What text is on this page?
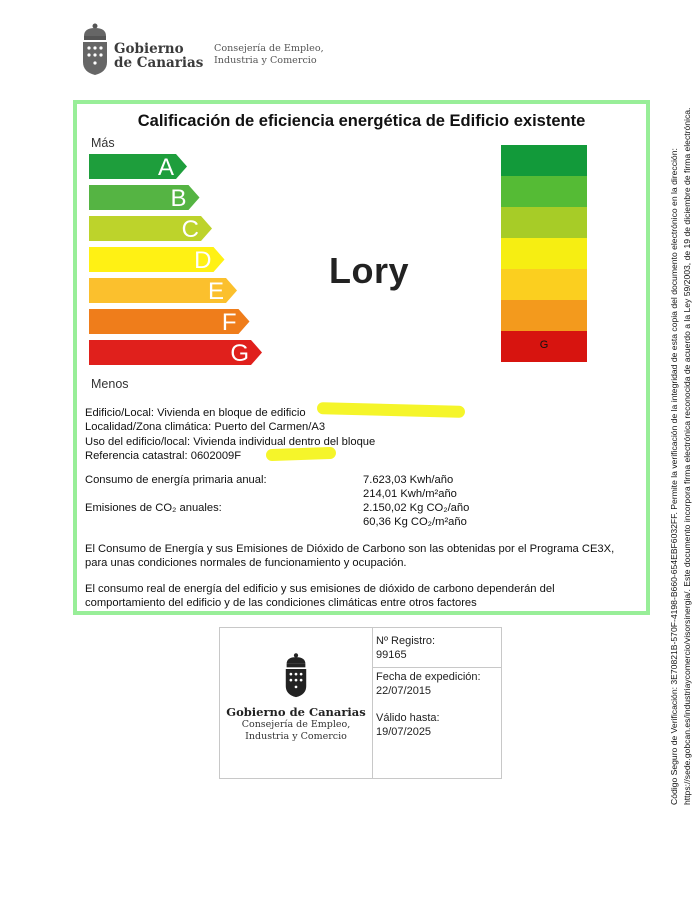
Gobierno
de Canarias
Consejería de Empleo,
Industria y Comercio
Calificación de eficiencia energética de Edificio existente
Más
A
B
C
D
E
F
G	G
Menos
Lory
Edificio/Local: Vivienda en bloque de edificio
Localidad/Zona climática: Puerto del Carmen/A3
Uso del edificio/local: Vivienda individual dentro del bloque
Referencia catastral: 0602009F
Consumo de energía primaria anual:	7.623,03 Kwh/año
214,01 Kwh/m²año
Emisiones de CO₂ anuales:	2.150,02 Kg CO₂/año
60,36 Kg CO₂/m²año
El Consumo de Energía y sus Emisiones de Dióxido de Carbono son las obtenidas por el Programa CE3X,
para unas condiciones normales de funcionamiento y ocupación.
El consumo real de energía del edificio y sus emisiones de dióxido de carbono dependerán del
comportamiento del edificio y de las condiciones climáticas entre otros factores
Gobierno de Canarias
Consejería de Empleo,
Industria y Comercio
Nº Registro:
99165
Fecha de expedición:
22/07/2015
Válido hasta:
19/07/2025	Código Seguro de Verificación: 3E70821B-570F-4198-B660-654EBF6032FF. Permite la verificación de la integridad de esta copia del documento electrónico en la dirección: https://sede.gobcan.es/industriaycomercio/visorsinergia/. Este documento incorpora firma electrónica reconocida de acuerdo a la Ley 59/2003, de 19 de diciembre de firma electrónica.
